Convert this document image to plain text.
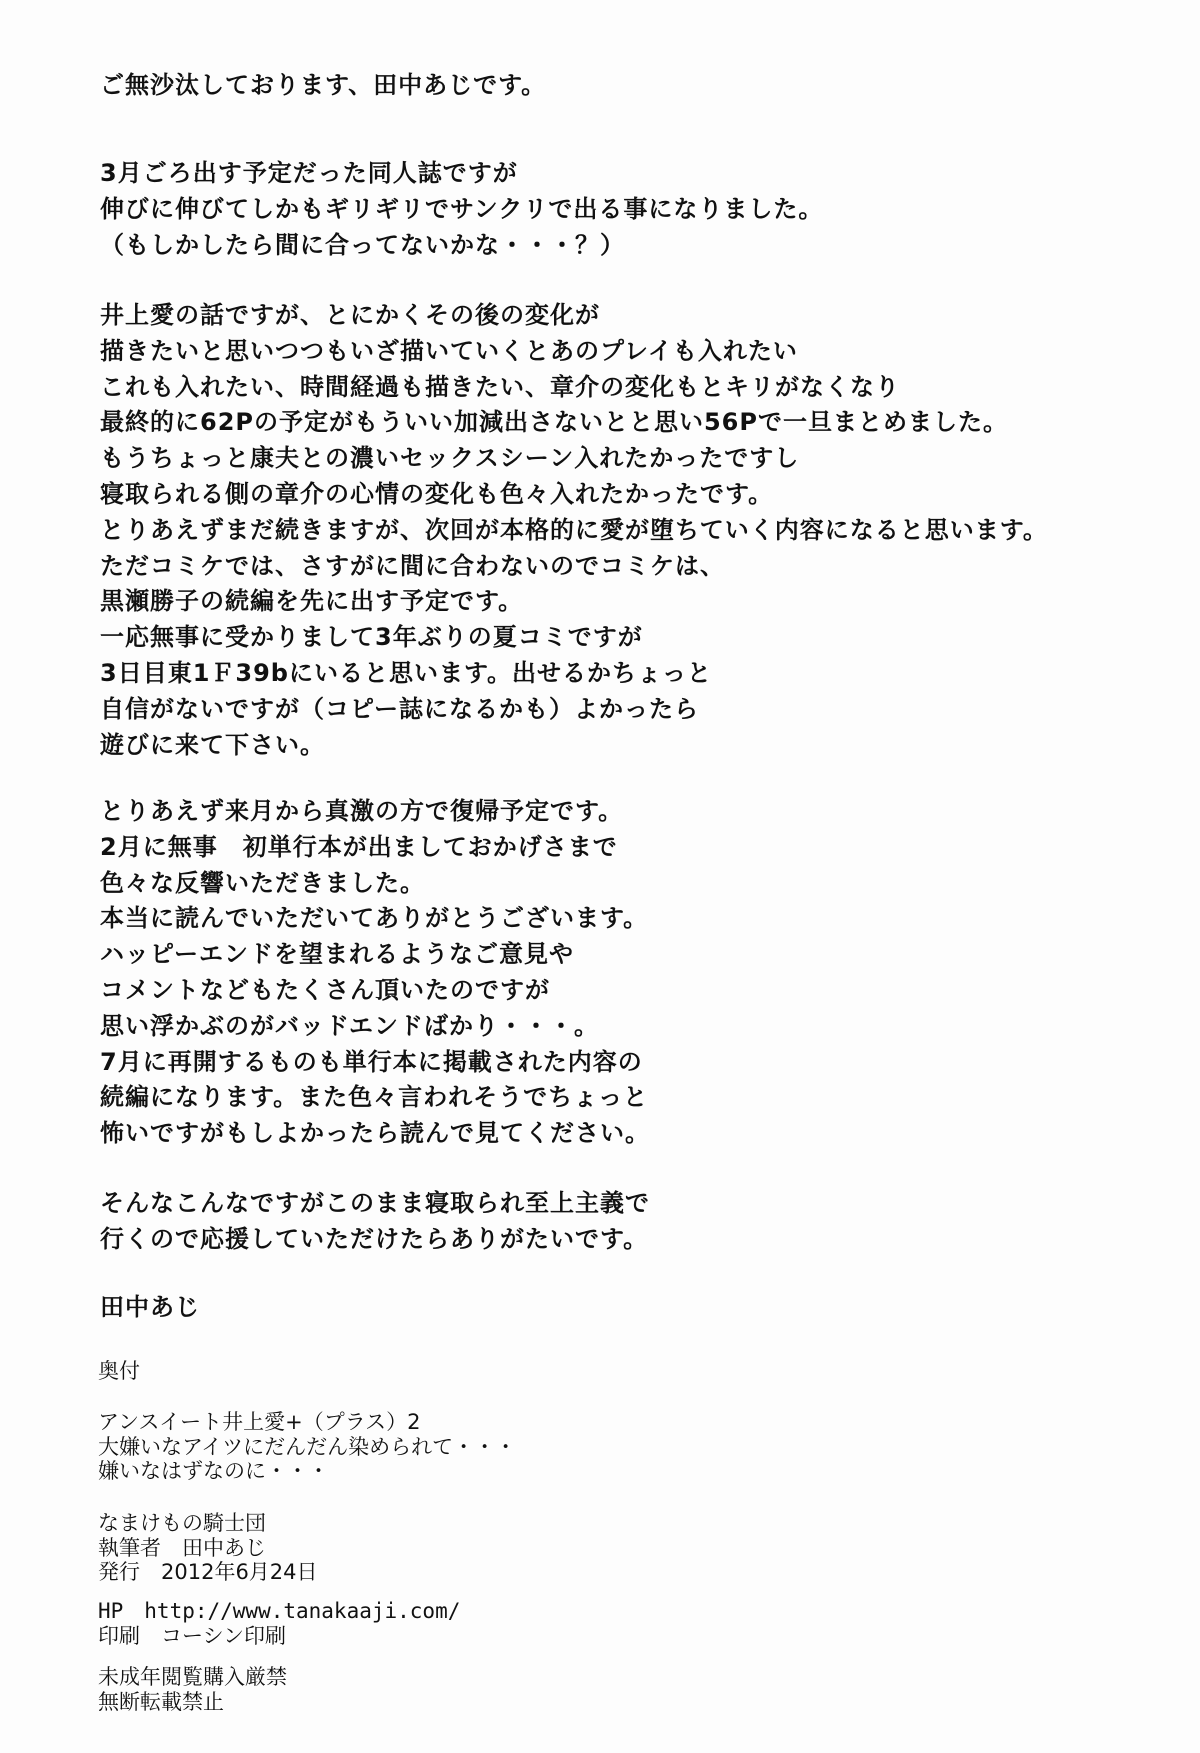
ご無沙汰しております、田中あじです。
3月ごろ出す予定だった同人誌ですが
伸びに伸びてしかもギリギリでサンクリで出る事になりました。
（もしかしたら間に合ってないかな・・・？）
井上愛の話ですが、とにかくその後の変化が
描きたいと思いつつもいざ描いていくとあのプレイも入れたい
これも入れたい、時間経過も描きたい、章介の変化もとキリがなくなり
最終的に62Pの予定がもういい加減出さないとと思い56Pで一旦まとめました。
もうちょっと康夫との濃いセックスシーン入れたかったですし
寝取られる側の章介の心情の変化も色々入れたかったです。
とりあえずまだ続きますが、次回が本格的に愛が堕ちていく内容になると思います。
ただコミケでは、さすがに間に合わないのでコミケは、
黒瀬勝子の続編を先に出す予定です。
一応無事に受かりまして3年ぶりの夏コミですが
3日目東1Ｆ39bにいると思います。出せるかちょっと
自信がないですが（コピー誌になるかも）よかったら
遊びに来て下さい。
とりあえず来月から真激の方で復帰予定です。
2月に無事　初単行本が出ましておかげさまで
色々な反響いただきました。
本当に読んでいただいてありがとうございます。
ハッピーエンドを望まれるようなご意見や
コメントなどもたくさん頂いたのですが
思い浮かぶのがバッドエンドばかり・・・。
7月に再開するものも単行本に掲載された内容の
続編になります。また色々言われそうでちょっと
怖いですがもしよかったら読んで見てください。
そんなこんなですがこのまま寝取られ至上主義で
行くので応援していただけたらありがたいです。
田中あじ
奥付
アンスイート井上愛+（プラス）2
大嫌いなアイツにだんだん染められて・・・
嫌いなはずなのに・・・
なまけもの騎士団
執筆者　田中あじ
発行　2012年6月24日
HP　http://www.tanakaaji.com/
印刷　コーシン印刷
未成年閲覧購入厳禁
無断転載禁止
